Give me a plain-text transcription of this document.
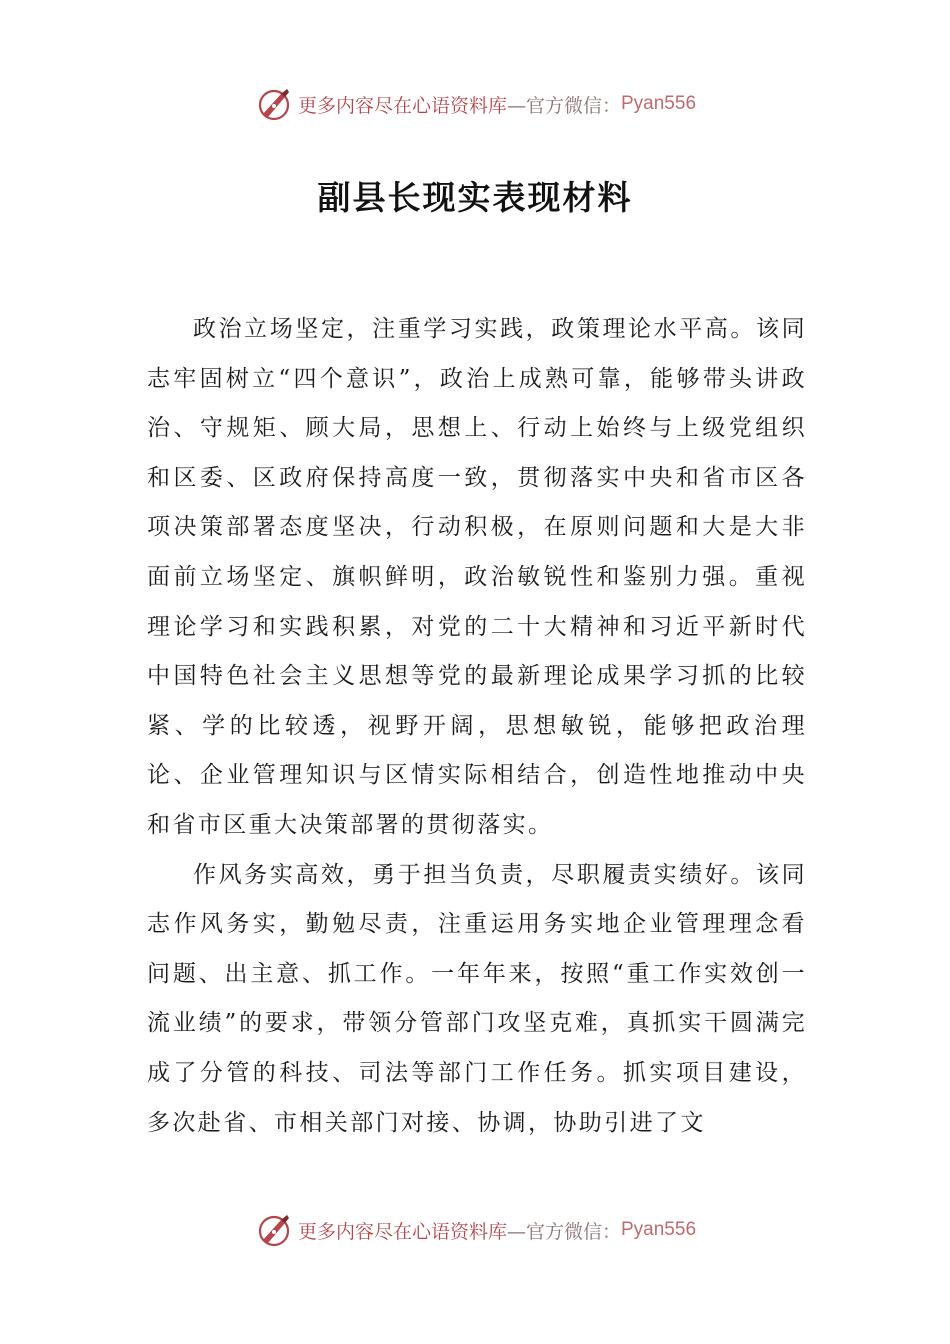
更多内容尽在心语资料库 —官方微信： Pyan556
副县长现实表现材料

政治立场坚定，注重学习实践，政策理论水平高。该同志牢固树立“四个意识”，政治上成熟可靠，能够带头讲政治、守规矩、顾大局，思想上、行动上始终与上级党组织和区委、区政府保持高度一致，贯彻落实中央和省市区各项决策部署态度坚决，行动积极，在原则问题和大是大非面前立场坚定、旗帜鲜明，政治敏锐性和鉴别力强。重视理论学习和实践积累，对党的二十大精神和习近平新时代中国特色社会主义思想等党的最新理论成果学习抓的比较紧、学的比较透，视野开阔，思想敏锐，能够把政治理论、企业管理知识与区情实际相结合，创造性地推动中央和省市区重大决策部署的贯彻落实。

作风务实高效，勇于担当负责，尽职履责实绩好。该同志作风务实，勤勉尽责，注重运用务实地企业管理理念看问题、出主意、抓工作。一年年来，按照“重工作实效创一流业绩”的要求，带领分管部门攻坚克难，真抓实干圆满完成了分管的科技、司法等部门工作任务。抓实项目建设，多次赴省、市相关部门对接、协调，协助引进了文

更多内容尽在心语资料库 —官方微信： Pyan556
